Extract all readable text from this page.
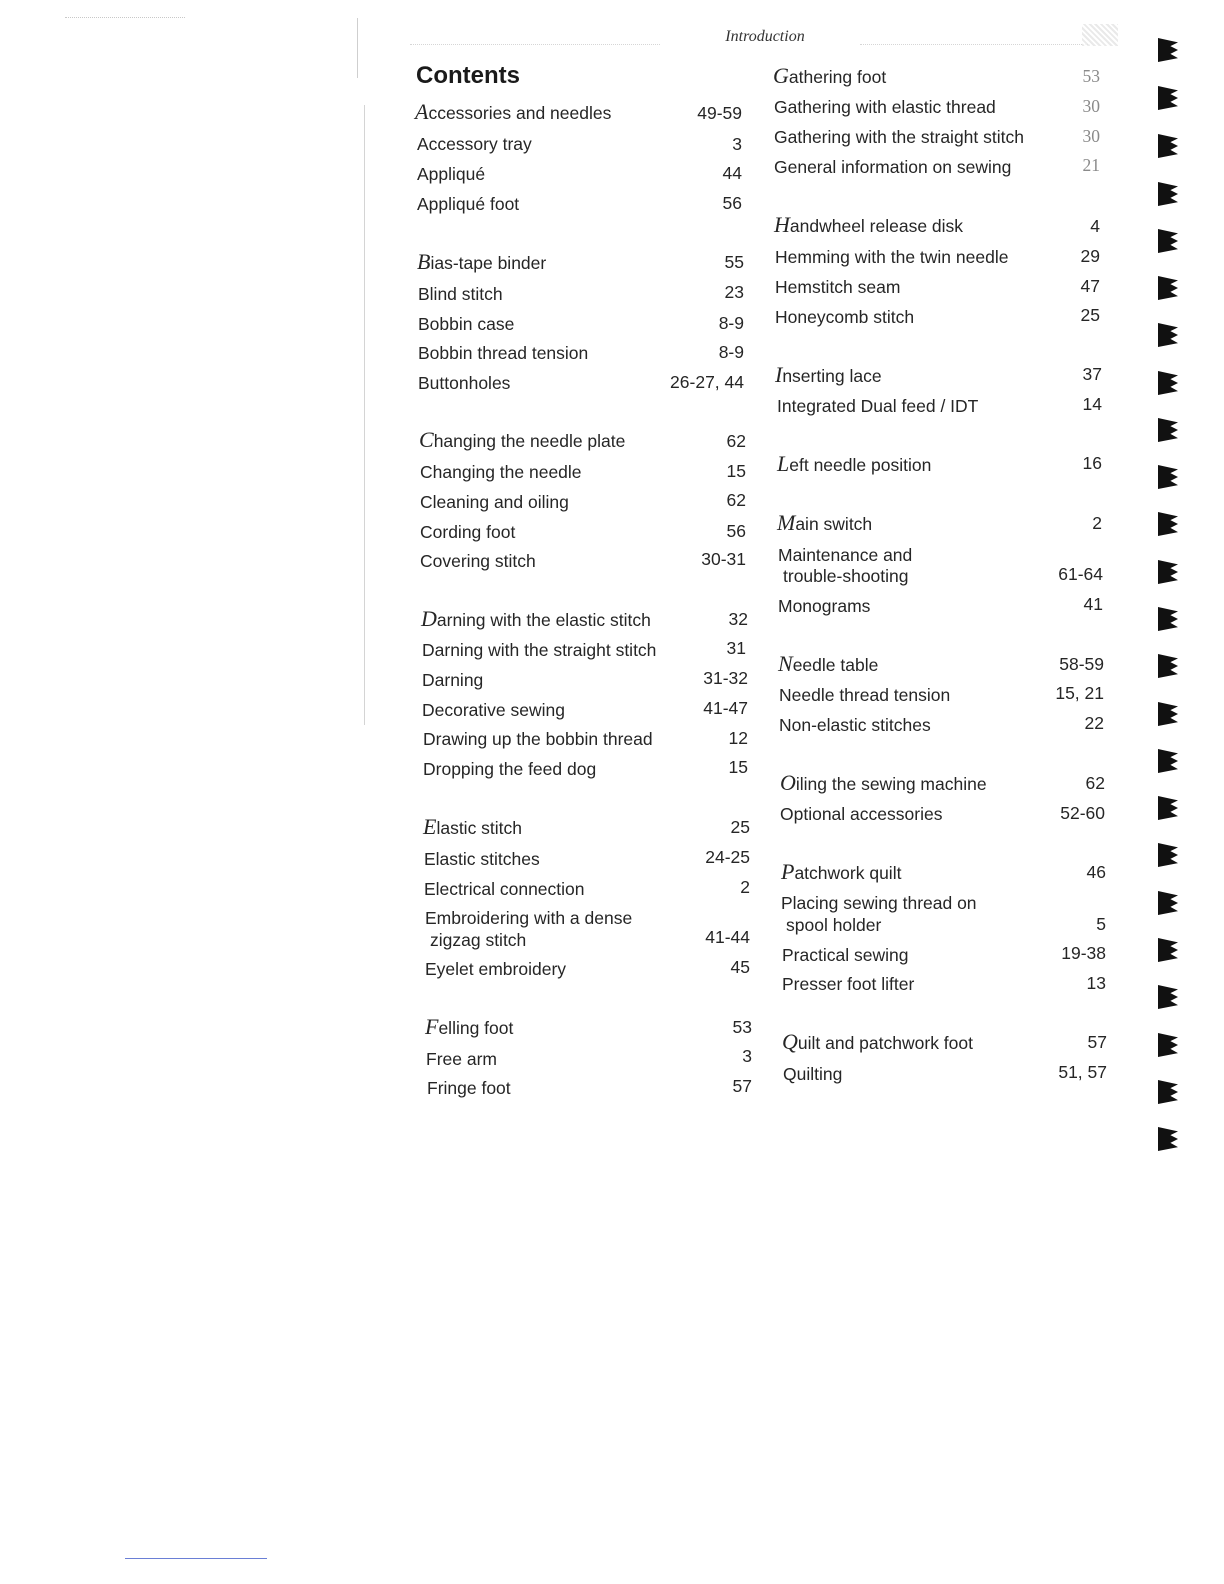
Introduction
Contents
Accessories and needles	49-59
Accessory tray	3
Appliqué	44
Appliqué foot	56
Bias-tape binder	55
Blind stitch	23
Bobbin case	8-9
Bobbin thread tension	8-9
Buttonholes	26-27, 44
Changing the needle plate	62
Changing the needle	15
Cleaning and oiling	62
Cording foot	56
Covering stitch	30-31
Darning with the elastic stitch	32
Darning with the straight stitch	31
Darning	31-32
Decorative sewing	41-47
Drawing up the bobbin thread	12
Dropping the feed dog	15
Elastic stitch	25
Elastic stitches	24-25
Electrical connection	2
Embroidering with a dense
zigzag stitch	41-44
Eyelet embroidery	45
Felling foot	53
Free arm	3
Fringe foot	57
Gathering foot	53
Gathering with elastic thread	30
Gathering with the straight stitch	30
General information on sewing	21
Handwheel release disk	4
Hemming with the twin needle	29
Hemstitch seam	47
Honeycomb stitch	25
Inserting lace	37
Integrated Dual feed / IDT	14
Left needle position	16
Main switch	2
Maintenance and
trouble-shooting	61-64
Monograms	41
Needle table	58-59
Needle thread tension	15, 21
Non-elastic stitches	22
Oiling the sewing machine	62
Optional accessories	52-60
Patchwork quilt	46
Placing sewing thread on
spool holder	5
Practical sewing	19-38
Presser foot lifter	13
Quilt and patchwork foot	57
Quilting	51, 57
